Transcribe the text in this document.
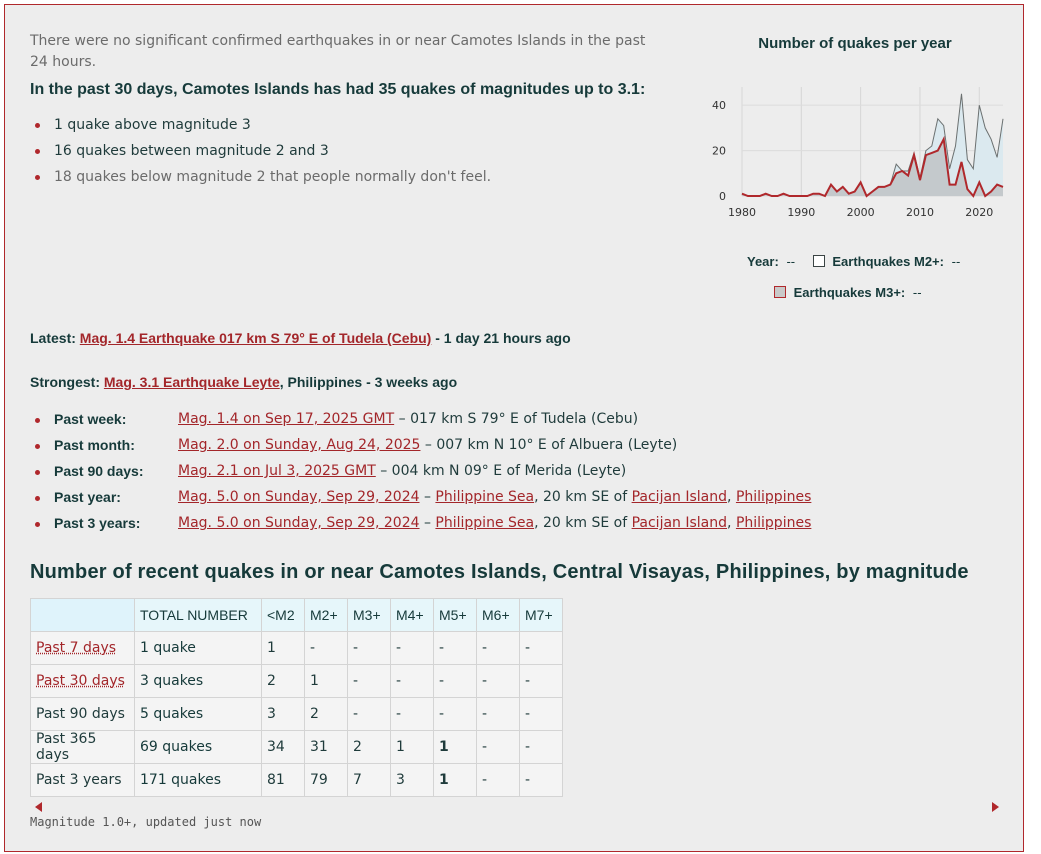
There were no significant confirmed earthquakes in or near Camotes Islands in the past 24 hours.

In the past 30 days, Camotes Islands has had 35 quakes of magnitudes up to 3.1:

1 quake above magnitude 3
16 quakes between magnitude 2 and 3
18 quakes below magnitude 2 that people normally don't feel.
1980	1990	2000	2010	2020
0
20
40
Number of quakes per year
Year: --	Earthquakes M2+: --
Earthquakes M3+: --

Latest: Mag. 1.4 Earthquake 017 km S 79° E of Tudela (Cebu) - 1 day 21 hours ago

Strongest: Mag. 3.1 Earthquake Leyte, Philippines - 3 weeks ago

Past week:	Mag. 1.4 on Sep 17, 2025 GMT – 017 km S 79° E of Tudela (Cebu)
Past month:	Mag. 2.0 on Sunday, Aug 24, 2025 – 007 km N 10° E of Albuera (Leyte)
Past 90 days: Mag. 2.1 on Jul 3, 2025 GMT – 004 km N 09° E of Merida (Leyte)
Past year:	Mag. 5.0 on Sunday, Sep 29, 2024 – Philippine Sea, 20 km SE of Pacijan Island, Philippines
Past 3 years:	Mag. 5.0 on Sunday, Sep 29, 2024 – Philippine Sea, 20 km SE of Pacijan Island, Philippines
Number of recent quakes in or near Camotes Islands, Central Visayas, Philippines, by magnitude
	TOTAL NUMBER	<M2	M2+	M3+	M4+	M5+	M6+	M7+
Past 7 days	1 quake	1	-	-	-	-	-	-
Past 30 days	3 quakes	2	1	-	-	-	-	-
Past 90 days	5 quakes	3	2	-	-	-	-	-
Past 365 days	69 quakes	34	31	2	1	1	-	-
Past 3 years	171 quakes	81	79	7	3	1	-	-

Magnitude 1.0+, updated just now
